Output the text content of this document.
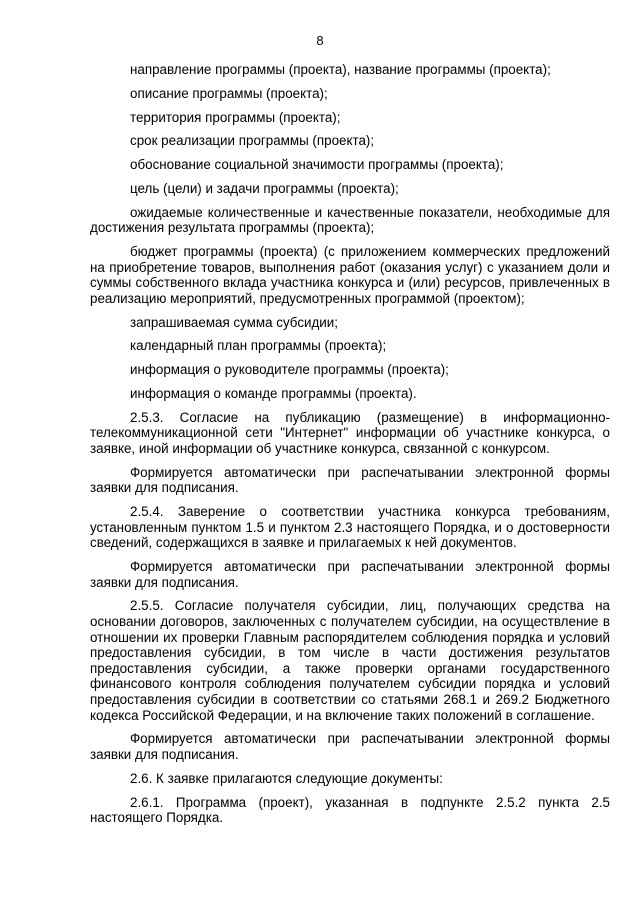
8

направление программы (проекта), название программы (проекта);

описание программы (проекта);

территория программы (проекта);

срок реализации программы (проекта);

обоснование социальной значимости программы (проекта);

цель (цели) и задачи программы (проекта);

ожидаемые количественные и качественные показатели, необходимые для достижения результата программы (проекта);

бюджет программы (проекта) (с приложением коммерческих предложений на приобретение товаров, выполнения работ (оказания услуг) с указанием доли и суммы собственного вклада участника конкурса и (или) ресурсов, привлеченных в реализацию мероприятий, предусмотренных программой (проектом);

запрашиваемая сумма субсидии;

календарный план программы (проекта);

информация о руководителе программы (проекта);

информация о команде программы (проекта).

2.5.3. Согласие на публикацию (размещение) в информационно-телекоммуникационной сети "Интернет" информации об участнике конкурса, о заявке, иной информации об участнике конкурса, связанной с конкурсом.

Формируется автоматически при распечатывании электронной формы заявки для подписания.

2.5.4. Заверение о соответствии участника конкурса требованиям, установленным пунктом 1.5 и пунктом 2.3 настоящего Порядка, и о достоверности сведений, содержащихся в заявке и прилагаемых к ней документов.

Формируется автоматически при распечатывании электронной формы заявки для подписания.

2.5.5. Согласие получателя субсидии, лиц, получающих средства на основании договоров, заключенных с получателем субсидии, на осуществление в отношении их проверки Главным распорядителем соблюдения порядка и условий предоставления субсидии, в том числе в части достижения результатов предоставления субсидии, а также проверки органами государственного финансового контроля соблюдения получателем субсидии порядка и условий предоставления субсидии в соответствии со статьями 268.1 и 269.2 Бюджетного кодекса Российской Федерации, и на включение таких положений в соглашение.

Формируется автоматически при распечатывании электронной формы заявки для подписания.

2.6. К заявке прилагаются следующие документы:

2.6.1. Программа (проект), указанная в подпункте 2.5.2 пункта 2.5 настоящего Порядка.
